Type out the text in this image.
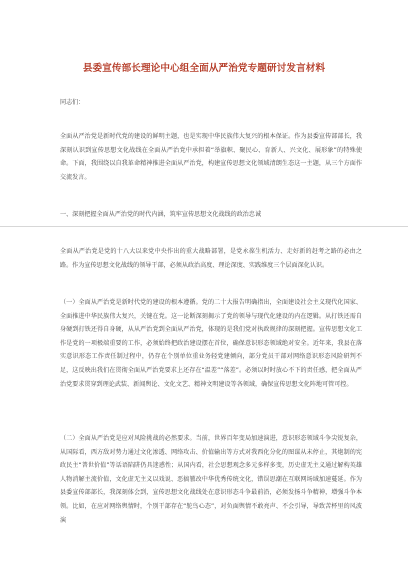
县委宣传部长理论中心组全面从严治党专题研讨发言材料

同志们：

全面从严治党是新时代党的建设的鲜明主题，也是实现中华民族伟大复兴的根本保证。作为县委宣传部部长，我深刻认识到宣传思想文化战线在全面从严治党中承担着“举旗帜、聚民心、育新人、兴文化、展形象”的特殊使命。下面，我围绕以自我革命精神推进全面从严治党，构建宣传思想文化领域清朗生态这一主题，从三个方面作交流发言。

一、深刻把握全面从严治党的时代内涵，筑牢宣传思想文化战线的政治忠诚

全面从严治党是党的十八大以来党中央作出的重大战略部署，是党永葆生机活力、走好新的赶考之路的必由之路。作为宣传思想文化战线的领导干部，必须从政治高度、理论深度、实践维度三个层面深化认识。

（一）全面从严治党是新时代党的建设的根本遵循。党的二十大报告明确指出，全面建设社会主义现代化国家、全面推进中华民族伟大复兴，关键在党。这一论断深刻揭示了党的领导与现代化建设的内在逻辑。从打铁还需自身硬到打铁还得自身硬，从从严治党到全面从严治党，体现的是我们党对执政规律的深刻把握。宣传思想文化工作是党的一项极端重要的工作，必须始终把政治建设摆在首位，确保意识形态领域绝对安全。近年来，我县在落实意识形态工作责任制过程中，仍存在个别单位重业务轻党建倾向，部分党员干部对网络意识形态风险研判不足，这反映出我们在贯彻全面从严治党要求上还存在“温差”“落差”。必须以时时放心不下的责任感，把全面从严治党要求贯穿到理论武装、新闻舆论、文化文艺、精神文明建设等各领域，确保宣传思想文化阵地可管可控。

（二）全面从严治党是应对风险挑战的必然要求。当前，世界百年变局加速演进，意识形态领域斗争尖锐复杂，从国际看，西方敌对势力通过文化渗透、网络攻击、价值输出等方式对我西化分化的图谋从未停止，其炮制的宪政民主“普世价值”等话语陷阱仍具迷惑性；从国内看，社会思想观念多元多样多变，历史虚无主义通过解构英雄人物消解主流价值，文化虚无主义以戏说、恶搞篡改中华优秀传统文化，错误思潮在互联网场域加速蔓延。作为县委宣传部部长，我深刻体会到，宣传思想文化战线处在意识形态斗争最前沿，必须发扬斗争精神，增强斗争本领。比如，在应对网络舆情时，个别干部存在“鸵鸟心态”，对负面舆情不敢亮声、不会引导，导致苦杯里的风波演
